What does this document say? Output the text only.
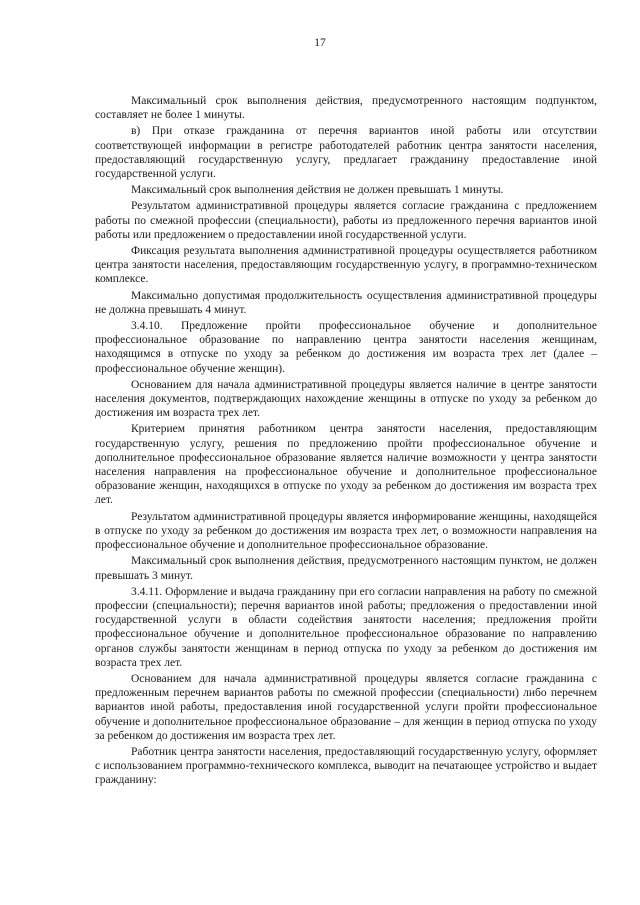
17

Максимальный срок выполнения действия, предусмотренного настоящим подпунктом, составляет не более 1 минуты.

в) При отказе гражданина от перечня вариантов иной работы или отсутствии соответствующей информации в регистре работодателей работник центра занятости населения, предоставляющий государственную услугу, предлагает гражданину предоставление иной государственной услуги.

Максимальный срок выполнения действия не должен превышать 1 минуты.

Результатом административной процедуры является согласие гражданина с предложением работы по смежной профессии (специальности), работы из предложенного перечня вариантов иной работы или предложением о предоставлении иной государственной услуги.

Фиксация результата выполнения административной процедуры осуществляется работником центра занятости населения, предоставляющим государственную услугу, в программно-техническом комплексе.

Максимально допустимая продолжительность осуществления административной процедуры не должна превышать 4 минут.

3.4.10. Предложение пройти профессиональное обучение и дополнительное профессиональное образование по направлению центра занятости населения женщинам, находящимся в отпуске по уходу за ребенком до достижения им возраста трех лет (далее – профессиональное обучение женщин).

Основанием для начала административной процедуры является наличие в центре занятости населения документов, подтверждающих нахождение женщины в отпуске по уходу за ребенком до достижения им возраста трех лет.

Критерием принятия работником центра занятости населения, предоставляющим государственную услугу, решения по предложению пройти профессиональное обучение и дополнительное профессиональное образование является наличие возможности у центра занятости населения направления на профессиональное обучение и дополнительное профессиональное образование женщин, находящихся в отпуске по уходу за ребенком до достижения им возраста трех лет.

Результатом административной процедуры является информирование женщины, находящейся в отпуске по уходу за ребенком до достижения им возраста трех лет, о возможности направления на профессиональное обучение и дополнительное профессиональное образование.

Максимальный срок выполнения действия, предусмотренного настоящим пунктом, не должен превышать 3 минут.

3.4.11. Оформление и выдача гражданину при его согласии направления на работу по смежной профессии (специальности); перечня вариантов иной работы; предложения о предоставлении иной государственной услуги в области содействия занятости населения; предложения пройти профессиональное обучение и дополнительное профессиональное образование по направлению органов службы занятости женщинам в период отпуска по уходу за ребенком до достижения им возраста трех лет.

Основанием для начала административной процедуры является согласие гражданина с предложенным перечнем вариантов работы по смежной профессии (специальности) либо перечнем вариантов иной работы, предоставления иной государственной услуги пройти профессиональное обучение и дополнительное профессиональное образование – для женщин в период отпуска по уходу за ребенком до достижения им возраста трех лет.

Работник центра занятости населения, предоставляющий государственную услугу, оформляет с использованием программно-технического комплекса, выводит на печатающее устройство и выдает гражданину:
